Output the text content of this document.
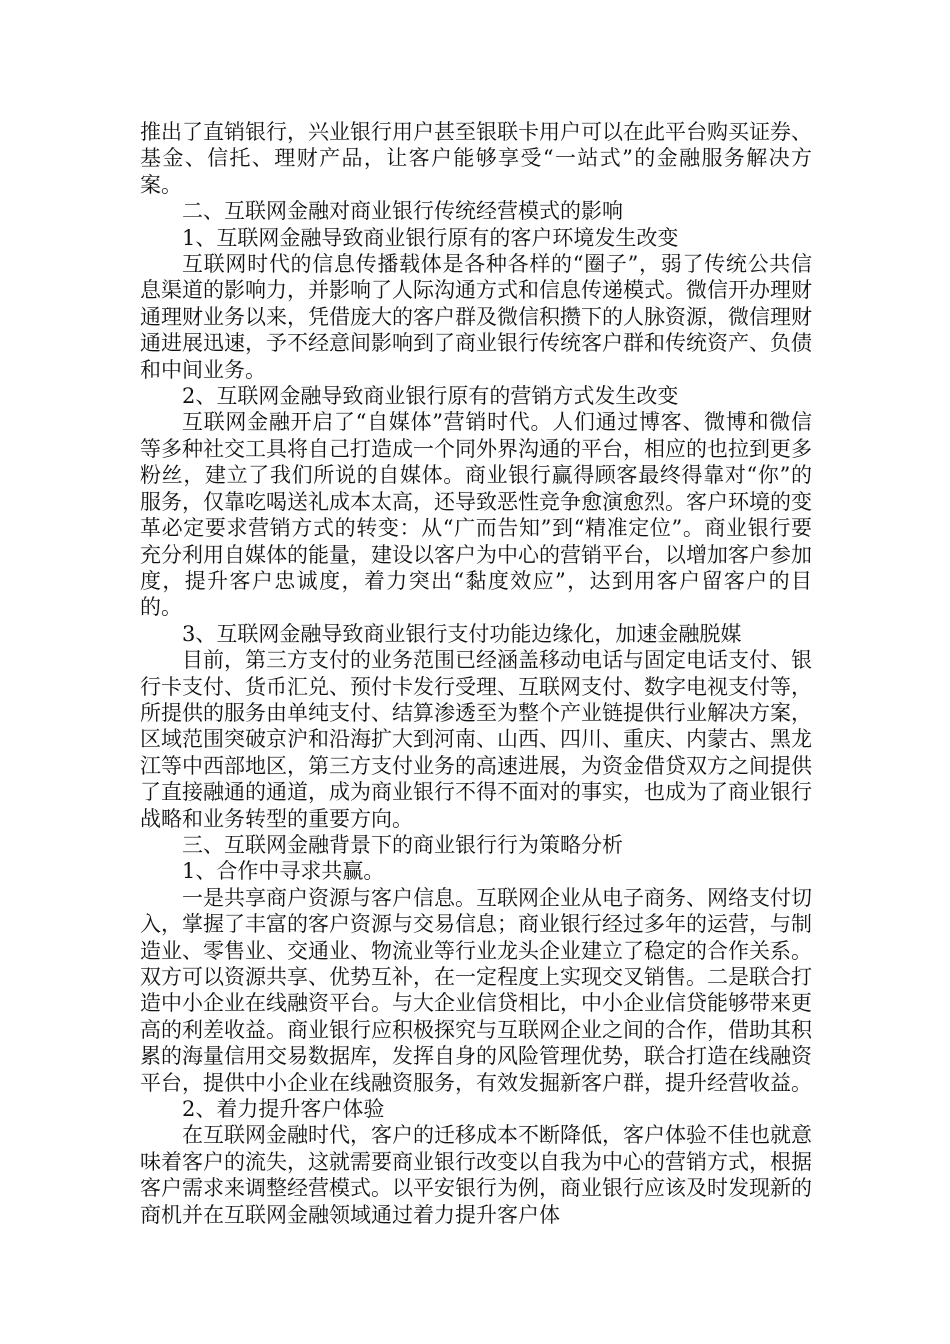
推出了直销银行，兴业银行用户甚至银联卡用户可以在此平台购买证券、基金、信托、理财产品，让客户能够享受“一站式”的金融服务解决方案。

二、互联网金融对商业银行传统经营模式的影响

1、互联网金融导致商业银行原有的客户环境发生改变

互联网时代的信息传播载体是各种各样的“圈子”，弱了传统公共信息渠道的影响力，并影响了人际沟通方式和信息传递模式。微信开办理财通理财业务以来，凭借庞大的客户群及微信积攒下的人脉资源，微信理财通进展迅速，予不经意间影响到了商业银行传统客户群和传统资产、负债和中间业务。

2、互联网金融导致商业银行原有的营销方式发生改变

互联网金融开启了“自媒体”营销时代。人们通过博客、微博和微信等多种社交工具将自己打造成一个同外界沟通的平台，相应的也拉到更多粉丝，建立了我们所说的自媒体。商业银行赢得顾客最终得靠对“你”的服务，仅靠吃喝送礼成本太高，还导致恶性竞争愈演愈烈。客户环境的变革必定要求营销方式的转变：从“广而告知”到“精准定位”。商业银行要充分利用自媒体的能量，建设以客户为中心的营销平台，以增加客户参加度，提升客户忠诚度，着力突出“黏度效应”，达到用客户留客户的目的。

3、互联网金融导致商业银行支付功能边缘化，加速金融脱媒

目前，第三方支付的业务范围已经涵盖移动电话与固定电话支付、银行卡支付、货币汇兑、预付卡发行受理、互联网支付、数字电视支付等，所提供的服务由单纯支付、结算渗透至为整个产业链提供行业解决方案，区域范围突破京沪和沿海扩大到河南、山西、四川、重庆、内蒙古、黑龙江等中西部地区，第三方支付业务的高速进展，为资金借贷双方之间提供了直接融通的通道，成为商业银行不得不面对的事实，也成为了商业银行战略和业务转型的重要方向。

三、互联网金融背景下的商业银行行为策略分析

1、合作中寻求共赢。

一是共享商户资源与客户信息。互联网企业从电子商务、网络支付切入，掌握了丰富的客户资源与交易信息；商业银行经过多年的运营，与制造业、零售业、交通业、物流业等行业龙头企业建立了稳定的合作关系。双方可以资源共享、优势互补，在一定程度上实现交叉销售。二是联合打造中小企业在线融资平台。与大企业信贷相比，中小企业信贷能够带来更高的利差收益。商业银行应积极探究与互联网企业之间的合作，借助其积累的海量信用交易数据库，发挥自身的风险管理优势，联合打造在线融资平台，提供中小企业在线融资服务，有效发掘新客户群，提升经营收益。

2、着力提升客户体验

在互联网金融时代，客户的迁移成本不断降低，客户体验不佳也就意味着客户的流失，这就需要商业银行改变以自我为中心的营销方式，根据客户需求来调整经营模式。以平安银行为例，商业银行应该及时发现新的商机并在互联网金融领域通过着力提升客户体
